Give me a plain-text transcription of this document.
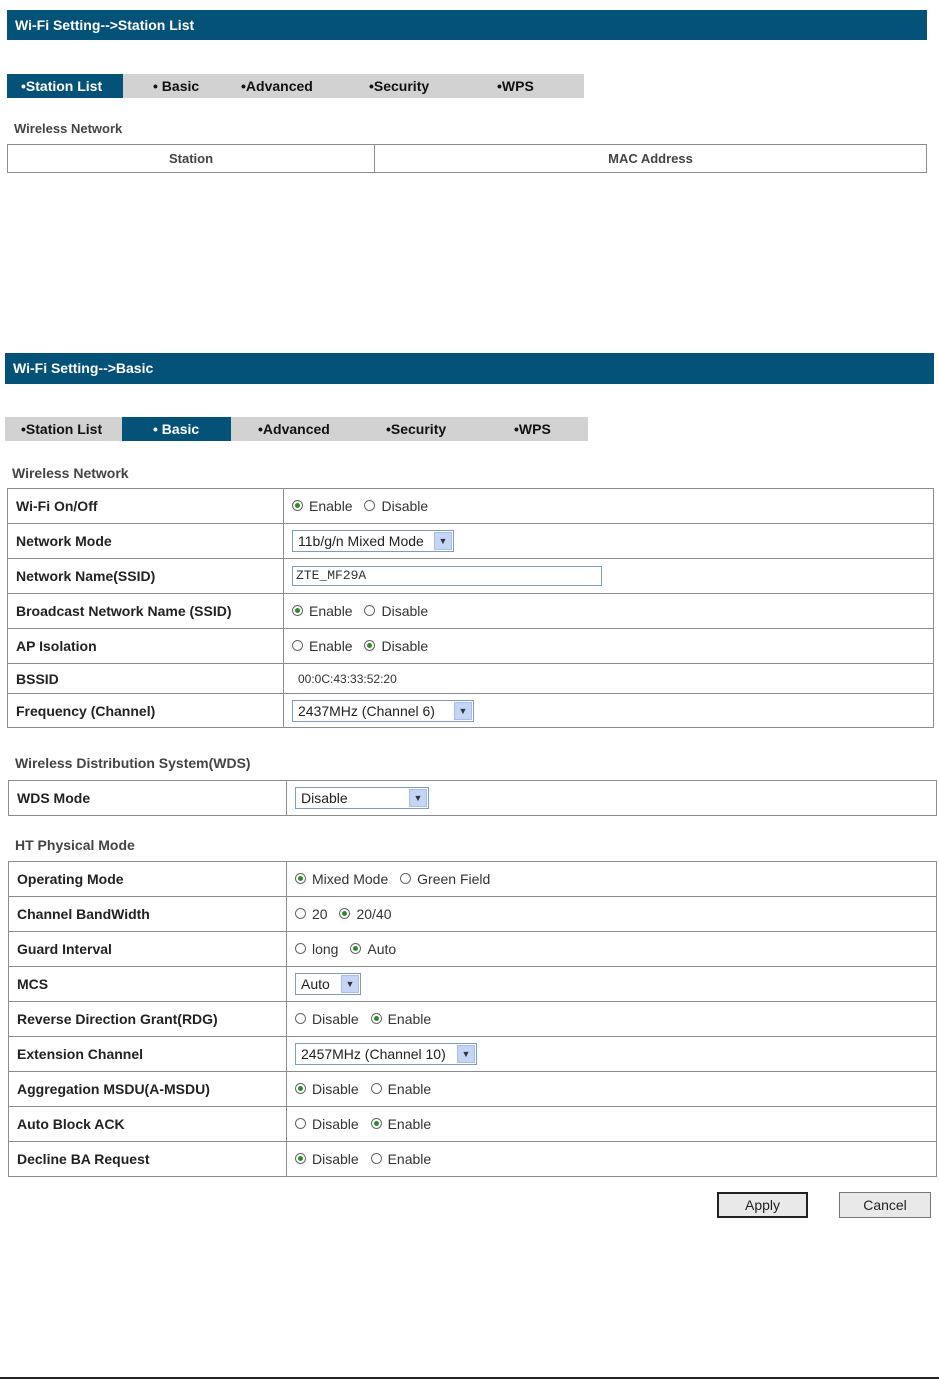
Wi-Fi Setting-->Station List
•Station List	• Basic	•Advanced	•Security	•WPS
Wireless Network
Station	MAC Address
Wi-Fi Setting-->Basic
•Station List	• Basic	•Advanced	•Security	•WPS
Wireless Network
Wi-Fi On/Off	Enable
Disable

Network Mode	11b/g/n Mixed Mode ▼

Network Name(SSID)	ZTE_MF29A
Broadcast Network Name (SSID)	Enable
Disable

AP Isolation	Enable
Disable

BSSID	00:0C:43:33:52:20
Frequency (Channel)	2437MHz (Channel 6) ▼
Wireless Distribution System(WDS)
WDS Mode	Disable	▼
HT Physical Mode
Operating Mode	Mixed Mode
Green Field

Channel BandWidth	20
20/40

Guard Interval	long
Auto

MCS	Auto ▼

Reverse Direction Grant(RDG)	Disable
Enable

Extension Channel	2457MHz (Channel 10) ▼

Aggregation MSDU(A-MSDU)	Disable
Enable

Auto Block ACK	Disable
Enable

Decline BA Request	Disable
Enable
Apply	Cancel
